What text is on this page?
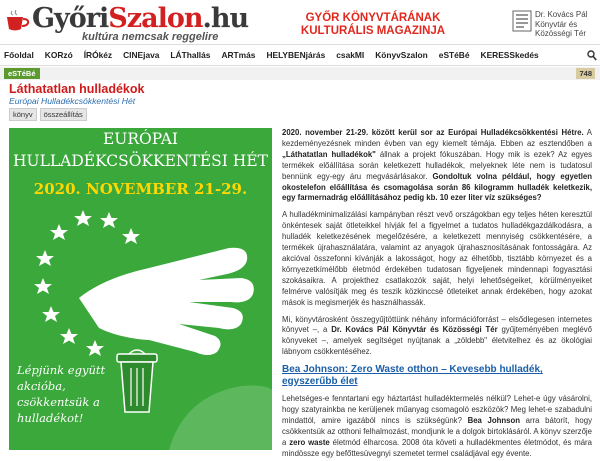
GyőriSzalon.hu
kultúra nemcsak reggelire
GYŐR KÖNYVTÁRÁNAK
KULTURÁLIS MAGAZINJA
Dr. Kovács Pál Könyvtár és Közösségi Tér
Főoldal	KORzó	ÍRÓkéz	CINEjava	LÁThallás	ARTmás	HELYBENjárás	csakMI	KönyvSzalon	eSTéBé	KERESSkedés
eSTéBé	748
Láthatatlan hulladékok
Európai Hulladékcsökkentési Hét
könyv	összeállítás
EURÓPAI
HULLADÉKCSÖKKENTÉSI HÉT
2020. NOVEMBER 21-29.
Lépjünk együtt akcióba, csökkentsük a hulladékot!

2020. november 21-29. között kerül sor az Európai Hulladékcsökkentési Hétre. A kezdeményezésnek minden évben van egy kiemelt témája. Ebben az esztendőben a „Láthatatlan hulladékok" állnak a projekt fókuszában. Hogy mik is ezek? Az egyes termékek előállítása során keletkezett hulladékok, melyeknek léte nem is tudatosul bennünk egy-egy áru megvásárlásakor. Gondoltuk volna például, hogy egyetlen okostelefon előállítása és csomagolása során 86 kilogramm hulladék keletkezik, egy farmernadrág előállításához pedig kb. 10 ezer liter víz szükséges?

A hulladékminimalizálási kampányban részt vevő országokban egy teljes héten keresztül önkéntesek saját ötleteikkel hívják fel a figyelmet a tudatos hulladékgazdálkodásra, a hulladék keletkezésének megelőzésére, a keletkezett mennyiség csökkentésére, a termékek újrahasználatára, valamint az anyagok újrahasznosításának fontosságára. Az akcióval összefonni kívánják a lakosságot, hogy az élhetőbb, tisztább környezet és a környezetkímélőbb életmód érdekében tudatosan figyeljenek mindennapi fogyasztási szokásaikra. A projekthez csatlakozók saját, helyi lehetőségeiket, körülményeiket felmérve valósítják meg és teszik közkinccsé ötleteiket annak érdekében, hogy azokat mások is megismerjék és használhassák.

Mi, könyvtárosként összegyűjtöttünk néhány információforrást – elsődlegesen internetes könyvet –, a Dr. Kovács Pál Könyvtár és Közösségi Tér gyűjteményében meglévő könyveket –, amelyek segítséget nyújtanak a „zöldebb" életvitelhez és az ökológiai lábnyom csökkentéséhez.

Bea Johnson: Zero Waste otthon – Kevesebb hulladék, egyszerűbb élet

Lehetséges-e fenntartani egy háztartást hulladéktermelés nélkül? Lehet-e úgy vásárolni, hogy szatyrainkba ne kerüljenek műanyag csomagoló eszközök? Meg lehet-e szabadulni mindattól, amire igazából nincs is szükségünk? Bea Johnson arra bátorít, hogy csökkentsük az otthoni felhalmozást, mondjunk le a dolgok birtoklásáról. A könyv szerzője a zero waste életmód élharcosa. 2008 óta követi a hulladékmentes életmódot, és mára mindössze egy befőttesüvegnyi szemetet termel családjával egy évente.
